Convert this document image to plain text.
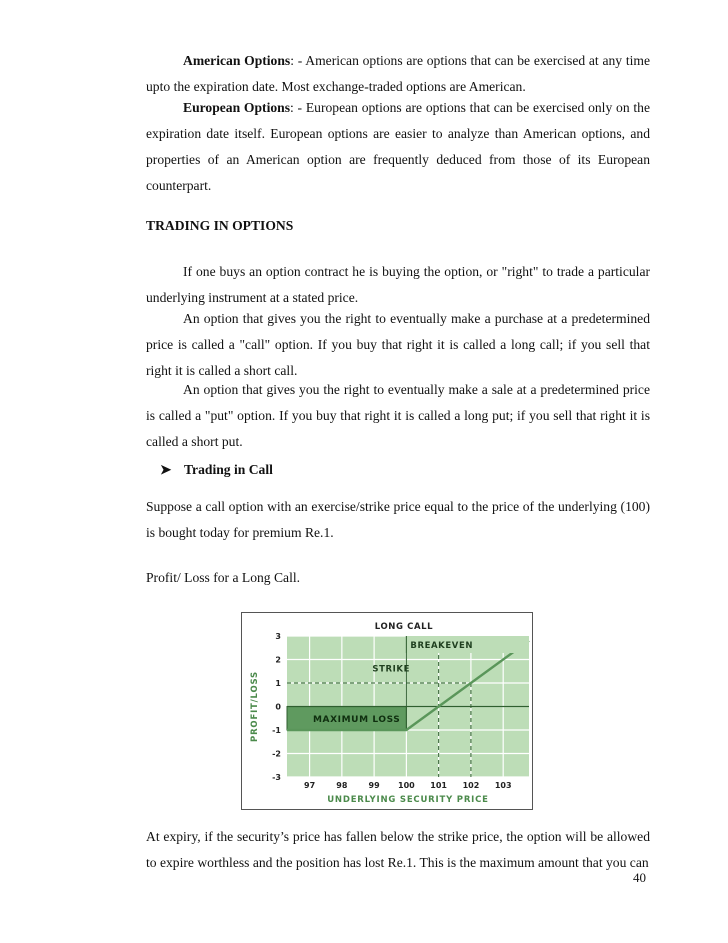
American Options: - American options are options that can be exercised at any time upto the expiration date. Most exchange-traded options are American.

European Options: - European options are options that can be exercised only on the expiration date itself. European options are easier to analyze than American options, and properties of an American option are frequently deduced from those of its European counterpart.

TRADING IN OPTIONS

If one buys an option contract he is buying the option, or "right" to trade a particular underlying instrument at a stated price.

An option that gives you the right to eventually make a purchase at a predetermined price is called a "call" option. If you buy that right it is called a long call; if you sell that right it is called a short call.

An option that gives you the right to eventually make a sale at a predetermined price is called a "put" option. If you buy that right it is called a long put; if you sell that right it is called a short put.

➤ Trading in Call

Suppose a call option with an exercise/strike price equal to the price of the underlying (100) is bought today for premium Re.1.

Profit/ Loss for a Long Call.

MAXIMUM LOSS
BREAKEVEN
STRIKE
LONG CALL
3
2
1
0
-1
-2
-3
97	98	99 100 101 102 103
UNDERLYING SECURITY PRICE
PROFIT/LOSS

At expiry, if the security’s price has fallen below the strike price, the option will be allowed to expire worthless and the position has lost Re.1. This is the maximum amount that you can

40
